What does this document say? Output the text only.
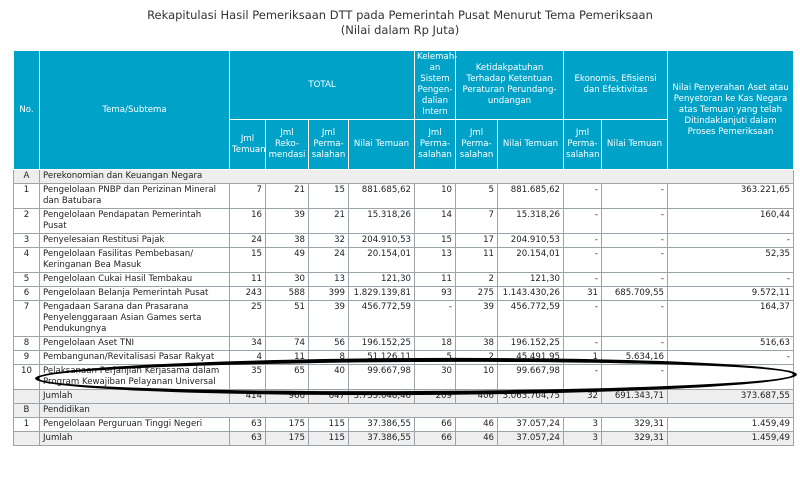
Rekapitulasi Hasil Pemeriksaan DTT pada Pemerintah Pusat Menurut Tema Pemeriksaan
(Nilai dalam Rp Juta)
No.	Tema/Subtema	TOTAL				Kelemah-an Sistem Pengen-dalian Intern	Ketidakpatuhan Terhadap Ketentuan Peraturan Perundang-undangan		Ekonomis, Efisiensi dan Efektivitas		Nilai Penyerahan Aset atau Penyetoran ke Kas Negara atas Temuan yang telah Ditindaklanjuti dalam Proses Pemeriksaan
		Jml Temuan	Jml Reko-mendasi	Jml Perma-salahan	Nilai Temuan	Jml Perma-salahan	Jml Perma-salahan	Nilai Temuan	Jml Perma-salahan	Nilai Temuan	
A	Perekonomian dan Keuangan Negara										
1	Pengelolaan PNBP dan Perizinan Mineral dan Batubara	7	21	15	881.685,62	10	5	881.685,62	-	-	363.221,65
2	Pengelolaan Pendapatan Pemerintah Pusat	16	39	21	15.318,26	14	7	15.318,26	-	-	160,44
3	Penyelesaian Restitusi Pajak	24	38	32	204.910,53	15	17	204.910,53	-	-	-
4	Pengelolaan Fasilitas Pembebasan/ Keringanan Bea Masuk	15	49	24	20.154,01	13	11	20.154,01	-	-	52,35
5	Pengelolaan Cukai Hasil Tembakau	11	30	13	121,30	11	2	121,30	-	-	-
6	Pengelolaan Belanja Pemerintah Pusat	243	588	399	1.829.139,81	93	275	1.143.430,26	31	685.709,55	9.572,11
7	Pengadaan Sarana dan Prasarana Penyelenggaraan Asian Games serta Pendukungnya	25	51	39	456.772,59	-	39	456.772,59	-	-	164,37
8	Pengelolaan Aset TNI	34	74	56	196.152,25	18	38	196.152,25	-	-	516,63
9	Pembangunan/Revitalisasi Pasar Rakyat	4	11	8	51.126,11	5	2	45.491,95	1	5.634,16	-
10	Pelaksanaan Perjanjian Kerjasama dalam Program Kewajiban Pelayanan Universal	35	65	40	99.667,98	30	10	99.667,98	-	-	-
	Jumlah	414	966	647	3.755.048,46	209	406	3.063.704,75	32	691.343,71	373.687,55
B	Pendidikan										
1	Pengelolaan Perguruan Tinggi Negeri	63	175	115	37.386,55	66	46	37.057,24	3	329,31	1.459,49
	Jumlah	63	175	115	37.386,55	66	46	37.057,24	3	329,31	1.459,49
